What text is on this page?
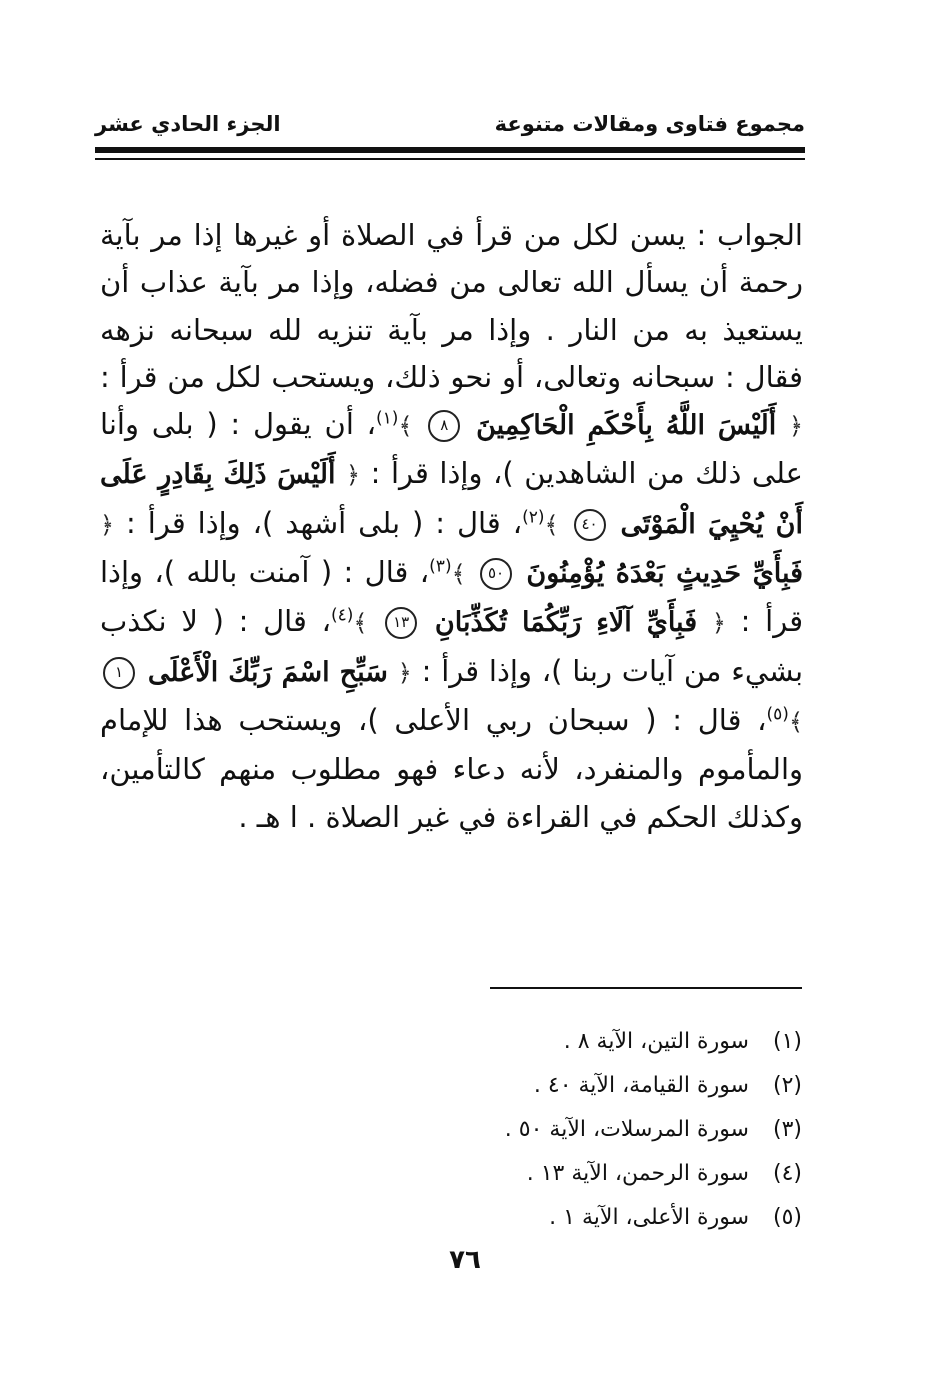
مجموع فتاوى ومقالات متنوعة
الجزء الحادي عشر

الجواب : يسن لكل من قرأ في الصلاة أو غيرها إذا مر بآية رحمة أن يسأل الله تعالى من فضله، وإذا مر بآية عذاب أن يستعيذ به من النار . وإذا مر بآية تنزيه لله سبحانه نزهه فقال : سبحانه وتعالى، أو نحو ذلك، ويستحب لكل من قرأ : ﴿ أَلَيْسَ اللَّهُ بِأَحْكَمِ الْحَاكِمِينَ ٨ ﴾$^{(١)}$، أن يقول : ( بلى وأنا على ذلك من الشاهدين )، وإذا قرأ : ﴿ أَلَيْسَ ذَلِكَ بِقَادِرٍ عَلَى أَنْ يُحْيِيَ الْمَوْتَى ٤٠ ﴾$^{(٢)}$، قال : ( بلى أشهد )، وإذا قرأ : ﴿ فَبِأَيِّ حَدِيثٍ بَعْدَهُ يُؤْمِنُونَ ٥٠ ﴾$^{(٣)}$، قال : ( آمنت بالله )، وإذا قرأ : ﴿ فَبِأَيِّ آلَاءِ رَبِّكُمَا تُكَذِّبَانِ ١٣ ﴾$^{(٤)}$، قال : ( لا نكذب بشيء من آيات ربنا )، وإذا قرأ : ﴿ سَبِّحِ اسْمَ رَبِّكَ الْأَعْلَى ١ ﴾$^{(٥)}$، قال : ( سبحان ربي الأعلى )، ويستحب هذا للإمام والمأموم والمنفرد، لأنه دعاء فهو مطلوب منهم كالتأمين، وكذلك الحكم في القراءة في غير الصلاة . ا هـ .

(١) سورة التين، الآية ٨ .
(٢) سورة القيامة، الآية ٤٠ .
(٣) سورة المرسلات، الآية ٥٠ .
(٤) سورة الرحمن، الآية ١٣ .
(٥) سورة الأعلى، الآية ١ .
٧٦
